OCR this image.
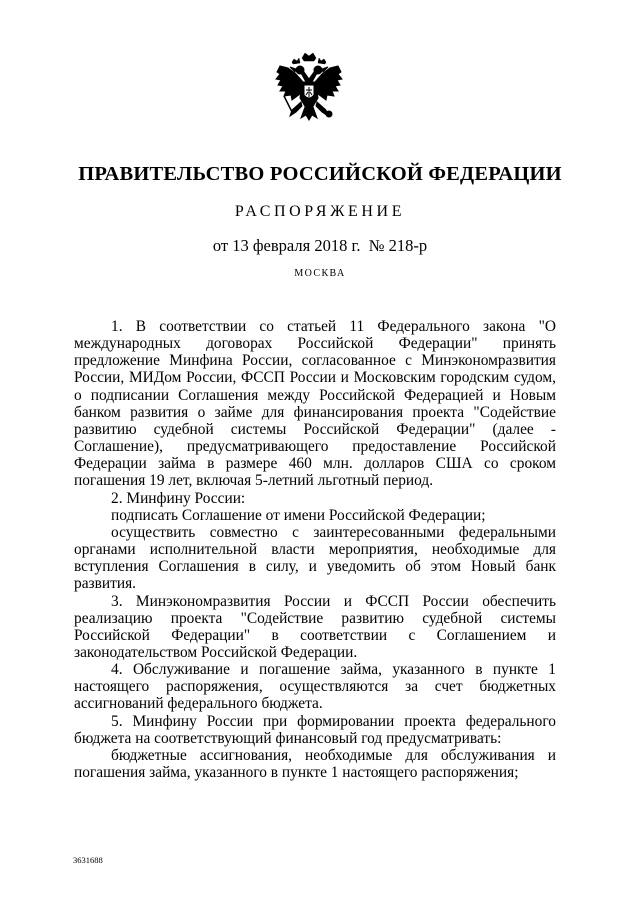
ПРАВИТЕЛЬСТВО РОССИЙСКОЙ ФЕДЕРАЦИИ
РАСПОРЯЖЕНИЕ
от 13 февраля 2018 г.  № 218-р
МОСКВА

1. В соответствии со статьей 11 Федерального закона "О международных договорах Российской Федерации" принять предложение Минфина России, согласованное с Минэкономразвития России, МИДом России, ФССП России и Московским городским судом, о подписании Соглашения между Российской Федерацией и Новым банком развития о займе для финансирования проекта "Содействие развитию судебной системы Российской Федерации" (далее - Соглашение), предусматривающего предоставление Российской Федерации займа в размере 460 млн. долларов США со сроком погашения 19 лет, включая 5-летний льготный период.

2. Минфину России:

подписать Соглашение от имени Российской Федерации;

осуществить совместно с заинтересованными федеральными органами исполнительной власти мероприятия, необходимые для вступления Соглашения в силу, и уведомить об этом Новый банк развития.

3. Минэкономразвития России и ФССП России обеспечить реализацию проекта "Содействие развитию судебной системы Российской Федерации" в соответствии с Соглашением и законодательством Российской Федерации.

4. Обслуживание и погашение займа, указанного в пункте 1 настоящего распоряжения, осуществляются за счет бюджетных ассигнований федерального бюджета.

5. Минфину России при формировании проекта федерального бюджета на соответствующий финансовый год предусматривать:

бюджетные ассигнования, необходимые для обслуживания и погашения займа, указанного в пункте 1 настоящего распоряжения;

3631688
